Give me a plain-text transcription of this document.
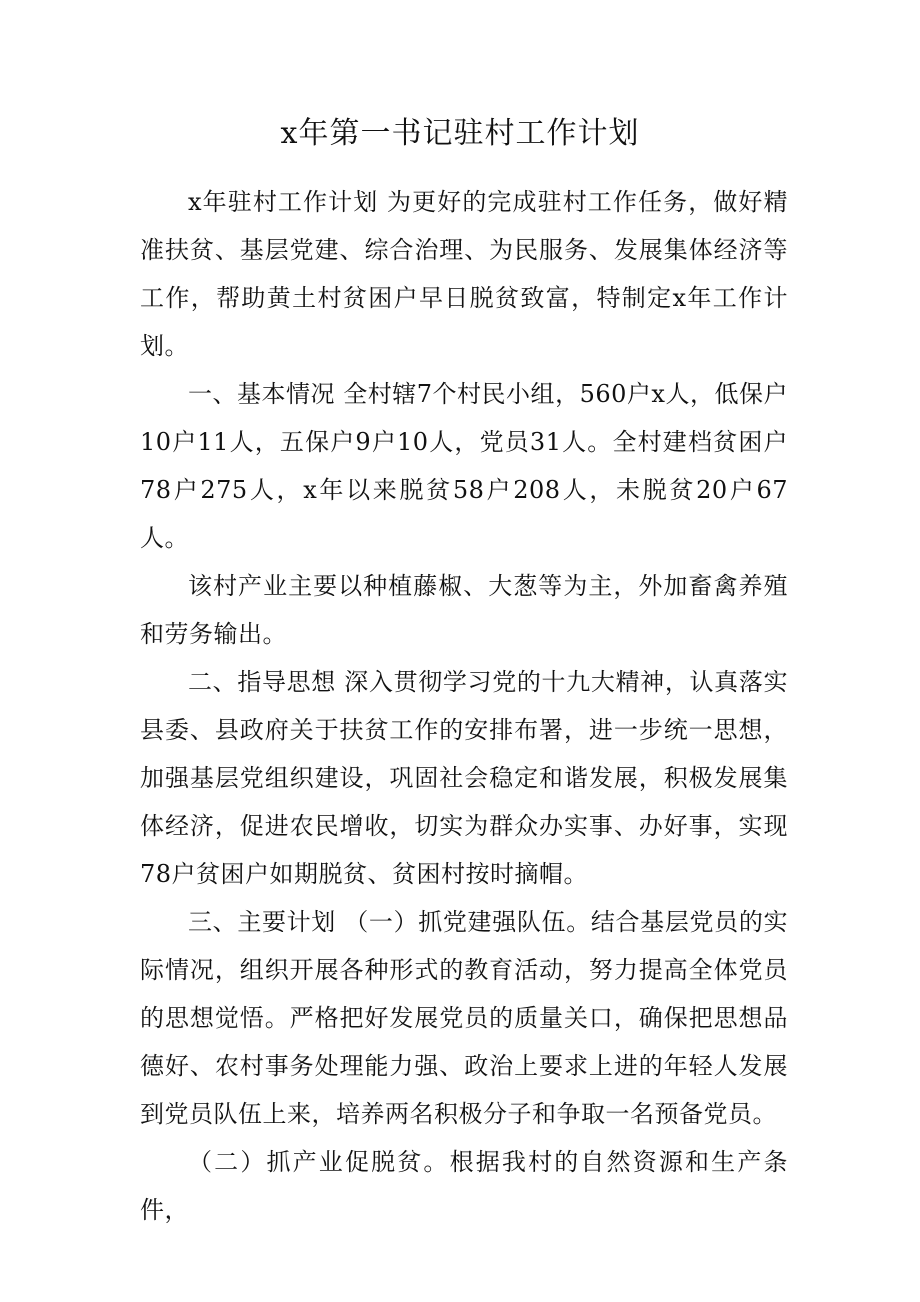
x年第一书记驻村工作计划

x年驻村工作计划 为更好的完成驻村工作任务，做好精准扶贫、基层党建、综合治理、为民服务、发展集体经济等工作，帮助黄土村贫困户早日脱贫致富，特制定x年工作计划。

一、基本情况 全村辖7个村民小组，560户x人，低保户10户11人，五保户9户10人，党员31人。全村建档贫困户78户275人，x年以来脱贫58户208人，未脱贫20户67人。

该村产业主要以种植藤椒、大葱等为主，外加畜禽养殖和劳务输出。

二、指导思想 深入贯彻学习党的十九大精神，认真落实县委、县政府关于扶贫工作的安排布署，进一步统一思想，加强基层党组织建设，巩固社会稳定和谐发展，积极发展集体经济，促进农民增收，切实为群众办实事、办好事，实现78户贫困户如期脱贫、贫困村按时摘帽。

三、主要计划 （一）抓党建强队伍。结合基层党员的实际情况，组织开展各种形式的教育活动，努力提高全体党员的思想觉悟。严格把好发展党员的质量关口，确保把思想品德好、农村事务处理能力强、政治上要求上进的年轻人发展到党员队伍上来，培养两名积极分子和争取一名预备党员。

（二）抓产业促脱贫。根据我村的自然资源和生产条件，
